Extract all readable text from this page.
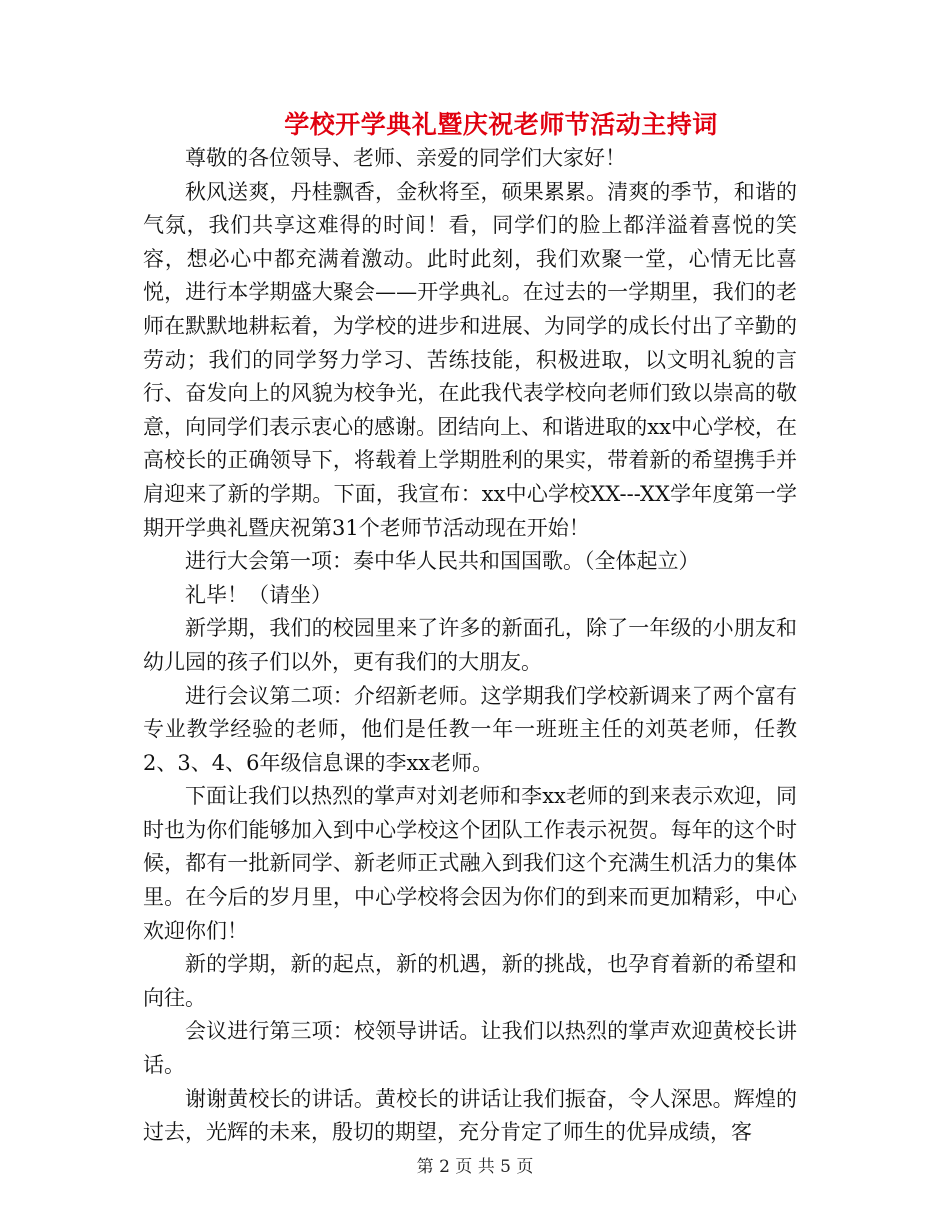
学校开学典礼暨庆祝老师节活动主持词

尊敬的各位领导、老师、亲爱的同学们大家好！

秋风送爽，丹桂飘香，金秋将至，硕果累累。清爽的季节，和谐的气氛，我们共享这难得的时间！看，同学们的脸上都洋溢着喜悦的笑容，想必心中都充满着激动。此时此刻，我们欢聚一堂，心情无比喜悦，进行本学期盛大聚会——开学典礼。在过去的一学期里，我们的老师在默默地耕耘着，为学校的进步和进展、为同学的成长付出了辛勤的劳动；我们的同学努力学习、苦练技能，积极进取，以文明礼貌的言行、奋发向上的风貌为校争光，在此我代表学校向老师们致以崇高的敬意，向同学们表示衷心的感谢。团结向上、和谐进取的xx中心学校，在高校长的正确领导下，将载着上学期胜利的果实，带着新的希望携手并肩迎来了新的学期。下面，我宣布：xx中心学校XX---XX学年度第一学期开学典礼暨庆祝第31个老师节活动现在开始！

进行大会第一项：奏中华人民共和国国歌。（全体起立）

礼毕！（请坐）

新学期，我们的校园里来了许多的新面孔，除了一年级的小朋友和幼儿园的孩子们以外，更有我们的大朋友。

进行会议第二项：介绍新老师。这学期我们学校新调来了两个富有专业教学经验的老师，他们是任教一年一班班主任的刘英老师，任教2、3、4、6年级信息课的李xx老师。

下面让我们以热烈的掌声对刘老师和李xx老师的到来表示欢迎，同时也为你们能够加入到中心学校这个团队工作表示祝贺。每年的这个时候，都有一批新同学、新老师正式融入到我们这个充满生机活力的集体里。在今后的岁月里，中心学校将会因为你们的到来而更加精彩，中心欢迎你们！

新的学期，新的起点，新的机遇，新的挑战，也孕育着新的希望和向往。

会议进行第三项：校领导讲话。让我们以热烈的掌声欢迎黄校长讲话。

谢谢黄校长的讲话。黄校长的讲话让我们振奋，令人深思。辉煌的过去，光辉的未来，殷切的期望，充分肯定了师生的优异成绩，客

第 2 页 共 5 页
